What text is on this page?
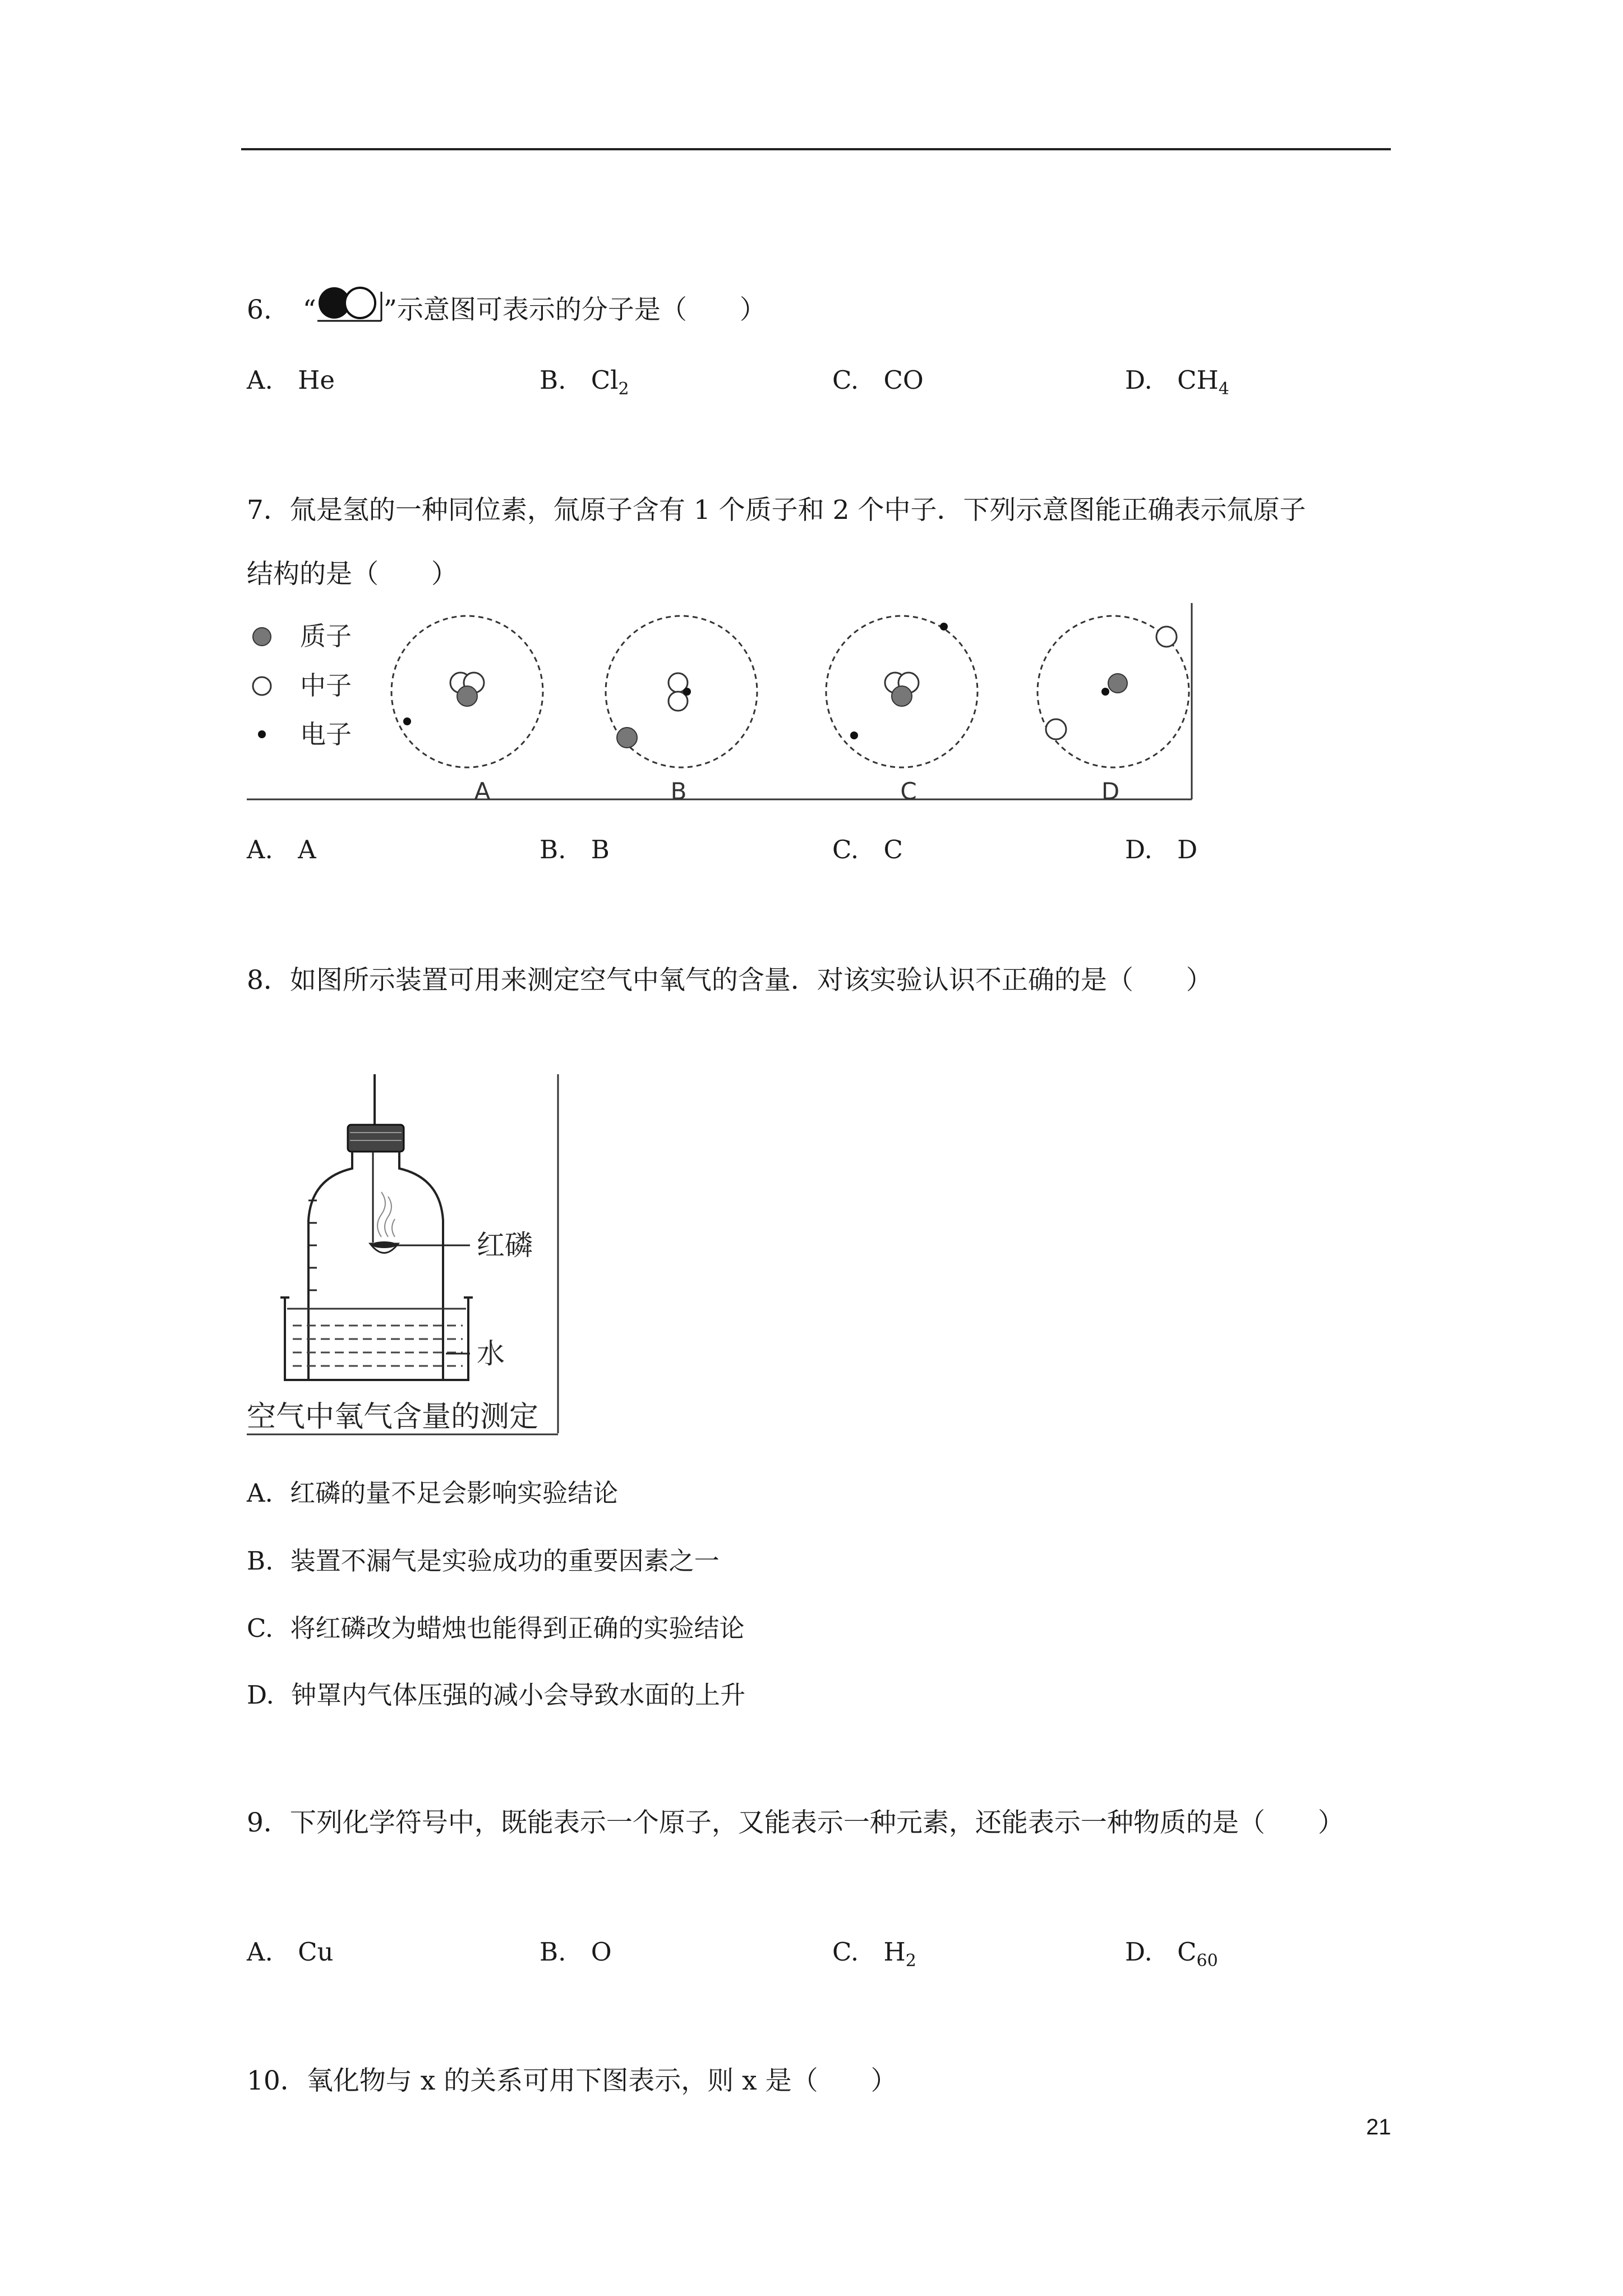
6. “	”示意图可表示的分子是（　　）
A. He	B. $Cl_2$	C. CO	D. $CH_4$
7．氚是氢的一种同位素，氚原子含有 1 个质子和 2 个中子．下列示意图能正确表示氚原子
结构的是（　　）
质子
中子
电子
A	B	C	D
A. A	B. B	C. C	D. D
8．如图所示装置可用来测定空气中氧气的含量．对该实验认识不正确的是（　　）
红磷
水
空气中氧气含量的测定
A. 红磷的量不足会影响实验结论
B. 装置不漏气是实验成功的重要因素之一
C. 将红磷改为蜡烛也能得到正确的实验结论
D. 钟罩内气体压强的减小会导致水面的上升
9．下列化学符号中，既能表示一个原子，又能表示一种元素，还能表示一种物质的是（　　）
A. Cu	B. O	C. $H_2$	D. $C_{60}$
10．氧化物与 x 的关系可用下图表示，则 x 是（　　）
21
